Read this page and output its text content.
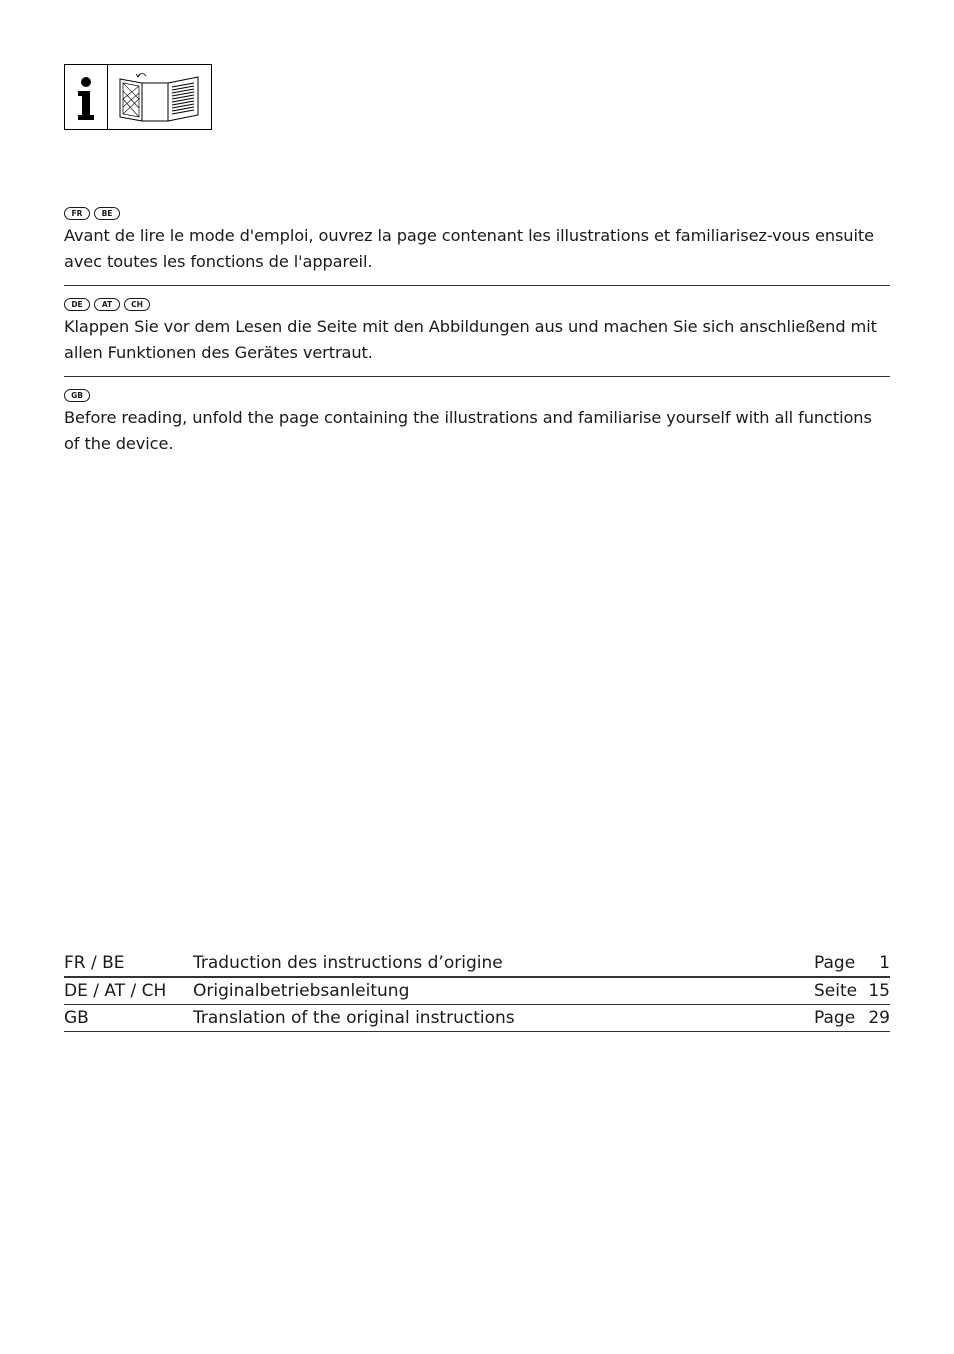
FR	BE
Avant de lire le mode d'emploi, ouvrez la page contenant les illustrations et familiarisez-vous ensuite avec toutes les fonctions de l'appareil.
DE	AT	CH
Klappen Sie vor dem Lesen die Seite mit den Abbildungen aus und machen Sie sich anschließend mit allen Funktionen des Gerätes vertraut.
GB
Before reading, unfold the page containing the illustrations and familiarise yourself with all functions of the device.
FR / BE	Traduction des instructions d’origine	Page	1
DE / AT / CH	Originalbetriebsanleitung	Seite	15
GB	Translation of the original instructions	Page	29
